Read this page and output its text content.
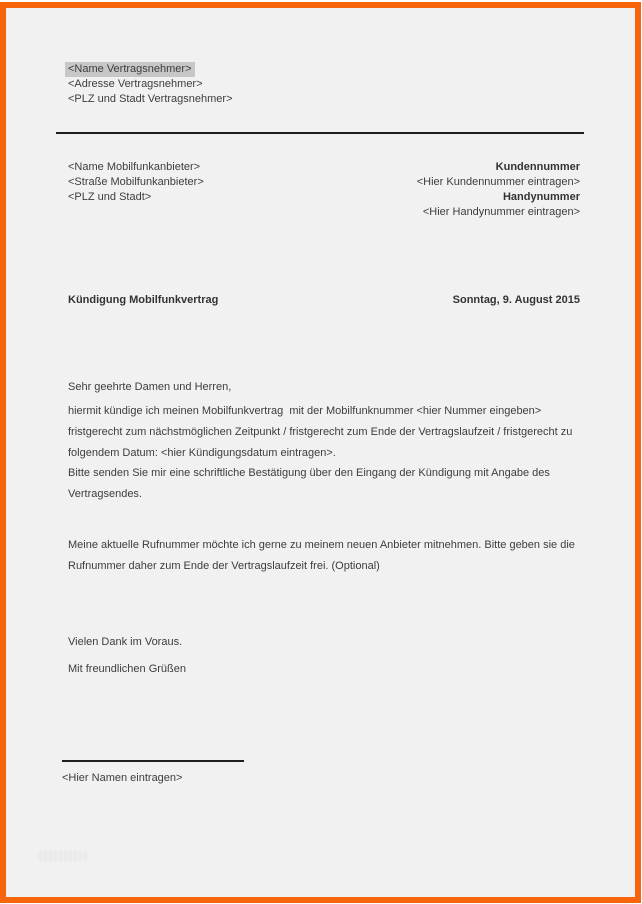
<Name Vertragsnehmer>
<Adresse Vertragsnehmer>
<PLZ und Stadt Vertragsnehmer>
<Name Mobilfunkanbieter>
<Straße Mobilfunkanbieter>
<PLZ und Stadt>
Kundennummer
<Hier Kundennummer eintragen>
Handynummer
<Hier Handynummer eintragen>
Kündigung Mobilfunkvertrag	Sonntag, 9. August 2015
Sehr geehrte Damen und Herren,
hiermit kündige ich meinen Mobilfunkvertrag  mit der Mobilfunknummer <hier Nummer eingeben>
fristgerecht zum nächstmöglichen Zeitpunkt / fristgerecht zum Ende der Vertragslaufzeit / fristgerecht zu
folgendem Datum: <hier Kündigungsdatum eintragen>.
Bitte senden Sie mir eine schriftliche Bestätigung über den Eingang der Kündigung mit Angabe des
Vertragsendes.
Meine aktuelle Rufnummer möchte ich gerne zu meinem neuen Anbieter mitnehmen. Bitte geben sie die
Rufnummer daher zum Ende der Vertragslaufzeit frei. (Optional)
Vielen Dank im Voraus.
Mit freundlichen Grüßen
<Hier Namen eintragen>
